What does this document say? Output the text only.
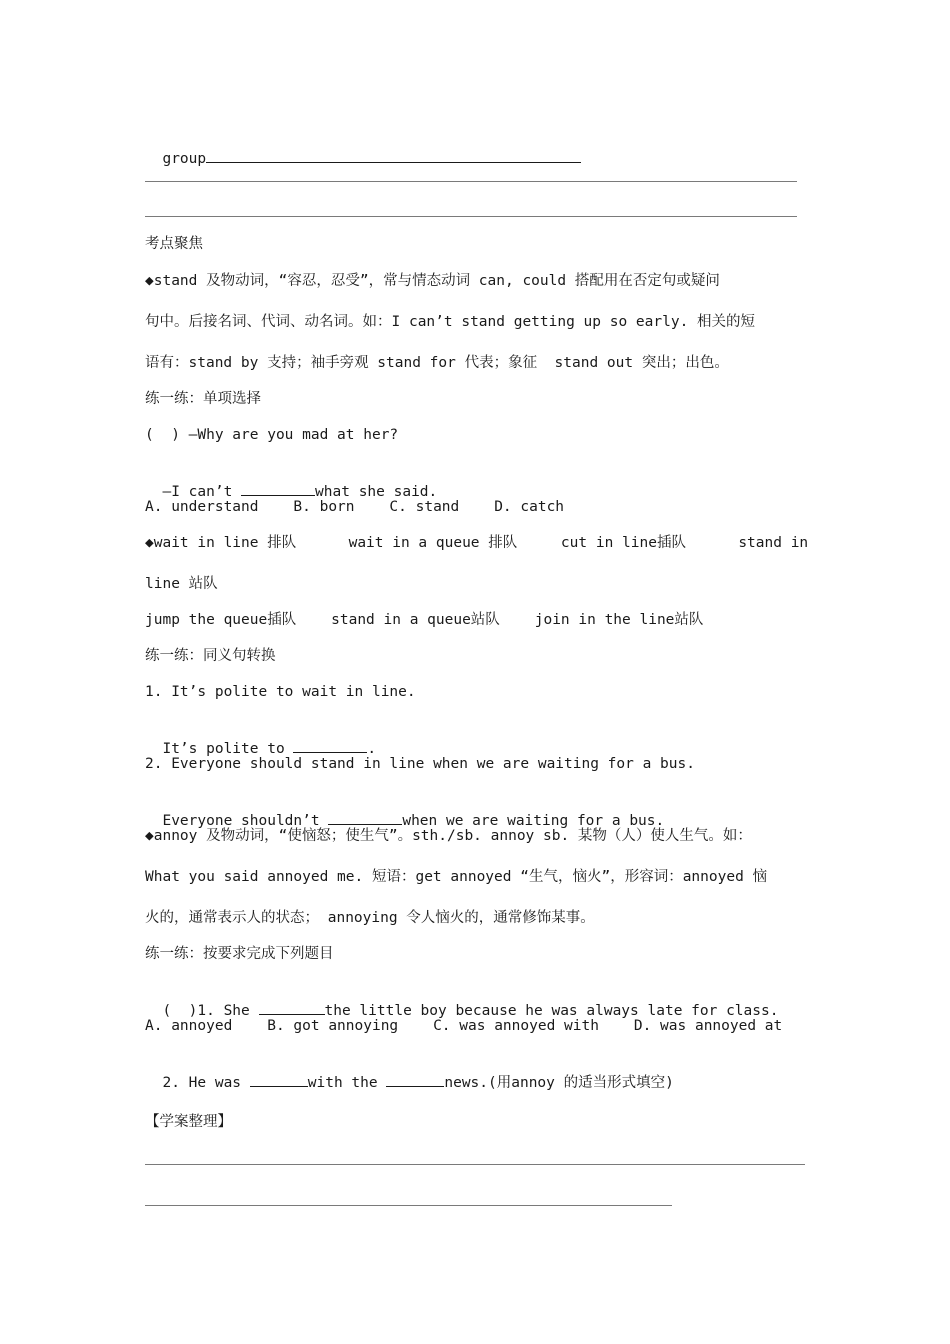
group

考点聚焦
◆stand 及物动词，“容忍，忍受”，常与情态动词 can, could 搭配用在否定句或疑问
句中。后接名词、代词、动名词。如：I can’t stand getting up so early. 相关的短
语有：stand by 支持；袖手旁观 stand for 代表；象征  stand out 突出；出色。
练一练：单项选择
(  ) —Why are you mad at her?

—I can’t	what she said.

A. understand    B. born    C. stand    D. catch
◆wait in line 排队      wait in a queue 排队     cut in line插队      stand in
line 站队
jump the queue插队    stand in a queue站队    join in the line站队
练一练：同义句转换
1. It’s polite to wait in line.

It’s polite to	.

2. Everyone should stand in line when we are waiting for a bus.

Everyone shouldn’t	when we are waiting for a bus.

◆annoy 及物动词，“使恼怒；使生气”。sth./sb. annoy sb. 某物（人）使人生气。如：
What you said annoyed me. 短语：get annoyed “生气，恼火”，形容词：annoyed 恼
火的，通常表示人的状态； annoying 令人恼火的，通常修饰某事。
练一练：按要求完成下列题目

(  )1. She	the little boy because he was always late for class.

A. annoyed    B. got annoying    C. was annoyed with    D. was annoyed at

2. He was	with the	news.(用annoy 的适当形式填空)

【学案整理】
